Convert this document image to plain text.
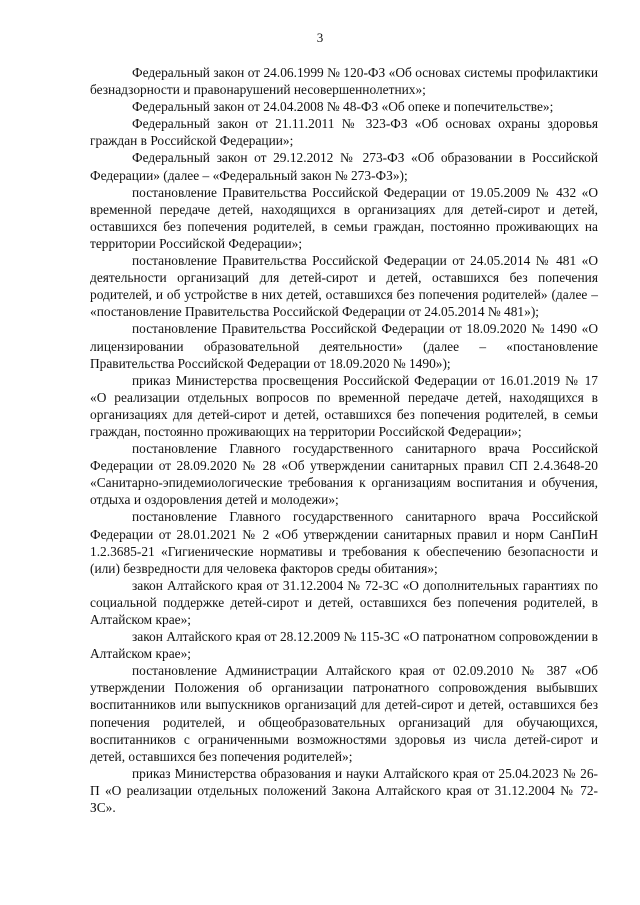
3

Федеральный закон от 24.06.1999 № 120-ФЗ «Об основах системы профилактики безнадзорности и правонарушений несовершеннолетних»;

Федеральный закон от 24.04.2008 № 48-ФЗ «Об опеке и попечительстве»;

Федеральный закон от 21.11.2011 № 323-ФЗ «Об основах охраны здоровья граждан в Российской Федерации»;

Федеральный закон от 29.12.2012 № 273-ФЗ «Об образовании в Российской Федерации» (далее – «Федеральный закон № 273-ФЗ»);

постановление Правительства Российской Федерации от 19.05.2009 № 432 «О временной передаче детей, находящихся в организациях для детей-сирот и детей, оставшихся без попечения родителей, в семьи граждан, постоянно проживающих на территории Российской Федерации»;

постановление Правительства Российской Федерации от 24.05.2014 № 481 «О деятельности организаций для детей-сирот и детей, оставшихся без попечения родителей, и об устройстве в них детей, оставшихся без попечения родителей» (далее – «постановление Правительства Российской Федерации от 24.05.2014 № 481»);

постановление Правительства Российской Федерации от 18.09.2020 № 1490 «О лицензировании образовательной деятельности» (далее – «постановление Правительства Российской Федерации от 18.09.2020 № 1490»);

приказ Министерства просвещения Российской Федерации от 16.01.2019 № 17 «О реализации отдельных вопросов по временной передаче детей, находящихся в организациях для детей-сирот и детей, оставшихся без попечения родителей, в семьи граждан, постоянно проживающих на территории Российской Федерации»;

постановление Главного государственного санитарного врача Российской Федерации от 28.09.2020 № 28 «Об утверждении санитарных правил СП 2.4.3648-20 «Санитарно-эпидемиологические требования к организациям воспитания и обучения, отдыха и оздоровления детей и молодежи»;

постановление Главного государственного санитарного врача Российской Федерации от 28.01.2021 № 2 «Об утверждении санитарных правил и норм СанПиН 1.2.3685-21 «Гигиенические нормативы и требования к обеспечению безопасности и (или) безвредности для человека факторов среды обитания»;

закон Алтайского края от 31.12.2004 № 72-ЗС «О дополнительных гарантиях по социальной поддержке детей-сирот и детей, оставшихся без попечения родителей, в Алтайском крае»;

закон Алтайского края от 28.12.2009 № 115-ЗС «О патронатном сопровождении в Алтайском крае»;

постановление Администрации Алтайского края от 02.09.2010 № 387 «Об утверждении Положения об организации патронатного сопровождения выбывших воспитанников или выпускников организаций для детей-сирот и детей, оставшихся без попечения родителей, и общеобразовательных организаций для обучающихся, воспитанников с ограниченными возможностями здоровья из числа детей-сирот и детей, оставшихся без попечения родителей»;

приказ Министерства образования и науки Алтайского края от 25.04.2023 № 26-П «О реализации отдельных положений Закона Алтайского края от 31.12.2004 № 72-ЗС».
